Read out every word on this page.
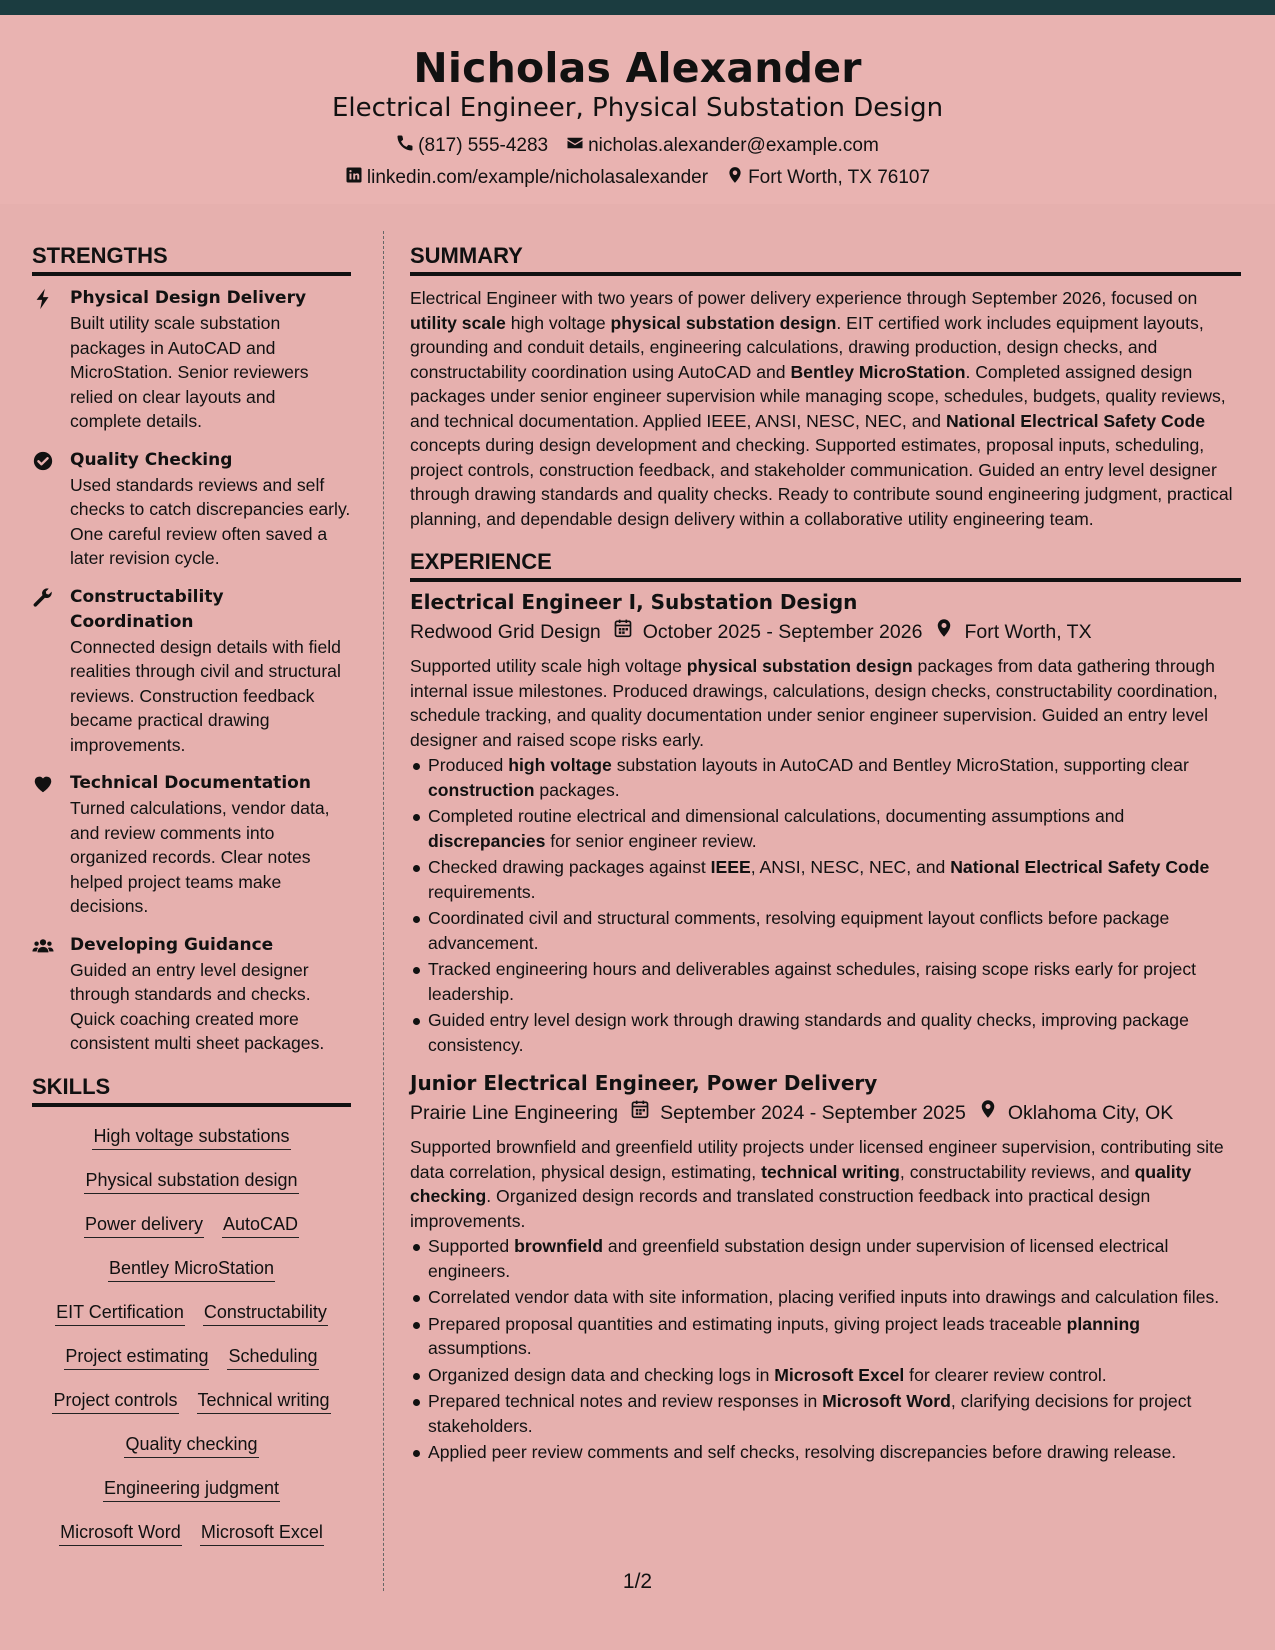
Nicholas Alexander
Electrical Engineer, Physical Substation Design
(817) 555-4283 nicholas.alexander@example.com
linkedin.com/example/nicholasalexander Fort Worth, TX 76107
STRENGTHS
Physical Design Delivery
Built utility scale substation packages in AutoCAD and MicroStation. Senior reviewers relied on clear layouts and complete details.
Quality Checking
Used standards reviews and self checks to catch discrepancies early. One careful review often saved a later revision cycle.
Constructability Coordination
Connected design details with field realities through civil and structural reviews. Construction feedback became practical drawing improvements.
Technical Documentation
Turned calculations, vendor data, and review comments into organized records. Clear notes helped project teams make decisions.
Developing Guidance
Guided an entry level designer through standards and checks. Quick coaching created more consistent multi sheet packages.
SKILLS
High voltage substations
Physical substation design
Power delivery AutoCAD
Bentley MicroStation
EIT Certification Constructability
Project estimating Scheduling
Project controls Technical writing
Quality checking
Engineering judgment
Microsoft Word Microsoft Excel
SUMMARY

Electrical Engineer with two years of power delivery experience through September 2026, focused on utility scale high voltage physical substation design. EIT certified work includes equipment layouts, grounding and conduit details, engineering calculations, drawing production, design checks, and constructability coordination using AutoCAD and Bentley MicroStation. Completed assigned design packages under senior engineer supervision while managing scope, schedules, budgets, quality reviews, and technical documentation. Applied IEEE, ANSI, NESC, NEC, and National Electrical Safety Code concepts during design development and checking. Supported estimates, proposal inputs, scheduling, project controls, construction feedback, and stakeholder communication. Guided an entry level designer through drawing standards and quality checks. Ready to contribute sound engineering judgment, practical planning, and dependable design delivery within a collaborative utility engineering team.

EXPERIENCE
Electrical Engineer I, Substation Design
Redwood Grid Design October 2025 - September 2026 Fort Worth, TX

Supported utility scale high voltage physical substation design packages from data gathering through internal issue milestones. Produced drawings, calculations, design checks, constructability coordination, schedule tracking, and quality documentation under senior engineer supervision. Guided an entry level designer and raised scope risks early.

Produced high voltage substation layouts in AutoCAD and Bentley MicroStation, supporting clear construction packages.
Completed routine electrical and dimensional calculations, documenting assumptions and discrepancies for senior engineer review.
Checked drawing packages against IEEE, ANSI, NESC, NEC, and National Electrical Safety Code requirements.
Coordinated civil and structural comments, resolving equipment layout conflicts before package advancement.
Tracked engineering hours and deliverables against schedules, raising scope risks early for project leadership.
Guided entry level design work through drawing standards and quality checks, improving package consistency.
Junior Electrical Engineer, Power Delivery
Prairie Line Engineering September 2024 - September 2025 Oklahoma City, OK

Supported brownfield and greenfield utility projects under licensed engineer supervision, contributing site data correlation, physical design, estimating, technical writing, constructability reviews, and quality checking. Organized design records and translated construction feedback into practical design improvements.

Supported brownfield and greenfield substation design under supervision of licensed electrical engineers.
Correlated vendor data with site information, placing verified inputs into drawings and calculation files.
Prepared proposal quantities and estimating inputs, giving project leads traceable planning assumptions.
Organized design data and checking logs in Microsoft Excel for clearer review control.
Prepared technical notes and review responses in Microsoft Word, clarifying decisions for project stakeholders.
Applied peer review comments and self checks, resolving discrepancies before drawing release.
1/2
